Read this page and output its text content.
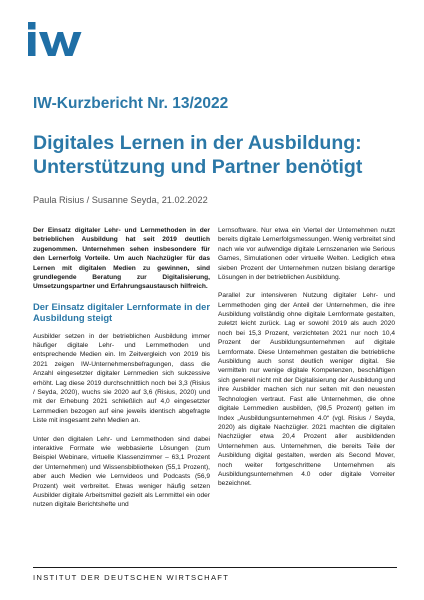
IW
IW-Kurzbericht Nr. 13/2022
Digitales Lernen in der Ausbildung:
Unterstützung und Partner benötigt
Paula Risius / Susanne Seyda, 21.02.2022

Der Einsatz digitaler Lehr- und Lernmethoden in der betrieblichen Ausbildung hat seit 2019 deutlich zugenommen. Unternehmen sehen insbesondere für den Lernerfolg Vorteile. Um auch Nachzügler für das Lernen mit digitalen Medien zu gewinnen, sind grundlegende Beratung zur Digitalisierung, Umsetzungspartner und Erfahrungsaustausch hilfreich.

Der Einsatz digitaler Lernformate in der Ausbildung steigt

Ausbilder setzen in der betrieblichen Ausbildung immer häufiger digitale Lehr- und Lernmethoden und entsprechende Medien ein. Im Zeitvergleich von 2019 bis 2021 zeigen IW-Unternehmensbefragungen, dass die Anzahl eingesetzter digitaler Lernmedien sich sukzessive erhöht. Lag diese 2019 durchschnittlich noch bei 3,3 (Risius / Seyda, 2020), wuchs sie 2020 auf 3,6 (Risius, 2020) und mit der Erhebung 2021 schließlich auf 4,0 eingesetzter Lernmedien bezogen auf eine jeweils identisch abgefragte Liste mit insgesamt zehn Medien an.

Unter den digitalen Lehr- und Lernmethoden sind dabei interaktive Formate wie webbasierte Lösungen (zum Beispiel Webinare, virtuelle Klassenzimmer – 63,1 Prozent der Unternehmen) und Wissensbibliotheken (55,1 Prozent), aber auch Medien wie Lernvideos und Podcasts (56,9 Prozent) weit verbreitet. Etwas weniger häufig setzen Ausbilder digitale Arbeitsmittel gezielt als Lernmittel ein oder nutzen digitale Berichtshefte und

Lernsoftware. Nur etwa ein Viertel der Unternehmen nutzt bereits digitale Lernerfolgsmessungen. Wenig verbreitet sind nach wie vor aufwendige digitale Lernszenarien wie Serious Games, Simulationen oder virtuelle Welten. Lediglich etwa sieben Prozent der Unternehmen nutzen bislang derartige Lösungen in der betrieblichen Ausbildung.

Parallel zur intensiveren Nutzung digitaler Lehr- und Lernmethoden ging der Anteil der Unternehmen, die ihre Ausbildung vollständig ohne digitale Lernformate gestalten, zuletzt leicht zurück. Lag er sowohl 2019 als auch 2020 noch bei 15,3 Prozent, verzichteten 2021 nur noch 10,4 Prozent der Ausbildungsunternehmen auf digitale Lernformate. Diese Unternehmen gestalten die betriebliche Ausbildung auch sonst deutlich weniger digital. Sie vermitteln nur wenige digitale Kompetenzen, beschäftigen sich generell nicht mit der Digitalisierung der Ausbildung und ihre Ausbilder machen sich nur selten mit den neuesten Technologien vertraut. Fast alle Unternehmen, die ohne digitale Lernmedien ausbilden, (98,5 Prozent) gelten im Index „Ausbildungsunternehmen 4.0“ (vgl. Risius / Seyda, 2020) als digitale Nachzügler. 2021 machten die digitalen Nachzügler etwa 20,4 Prozent aller ausbildenden Unternehmen aus. Unternehmen, die bereits Teile der Ausbildung digital gestalten, werden als Second Mover, noch weiter fortgeschrittene Unternehmen als Ausbildungsunternehmen 4.0 oder digitale Vorreiter bezeichnet.

INSTITUT DER DEUTSCHEN WIRTSCHAFT
